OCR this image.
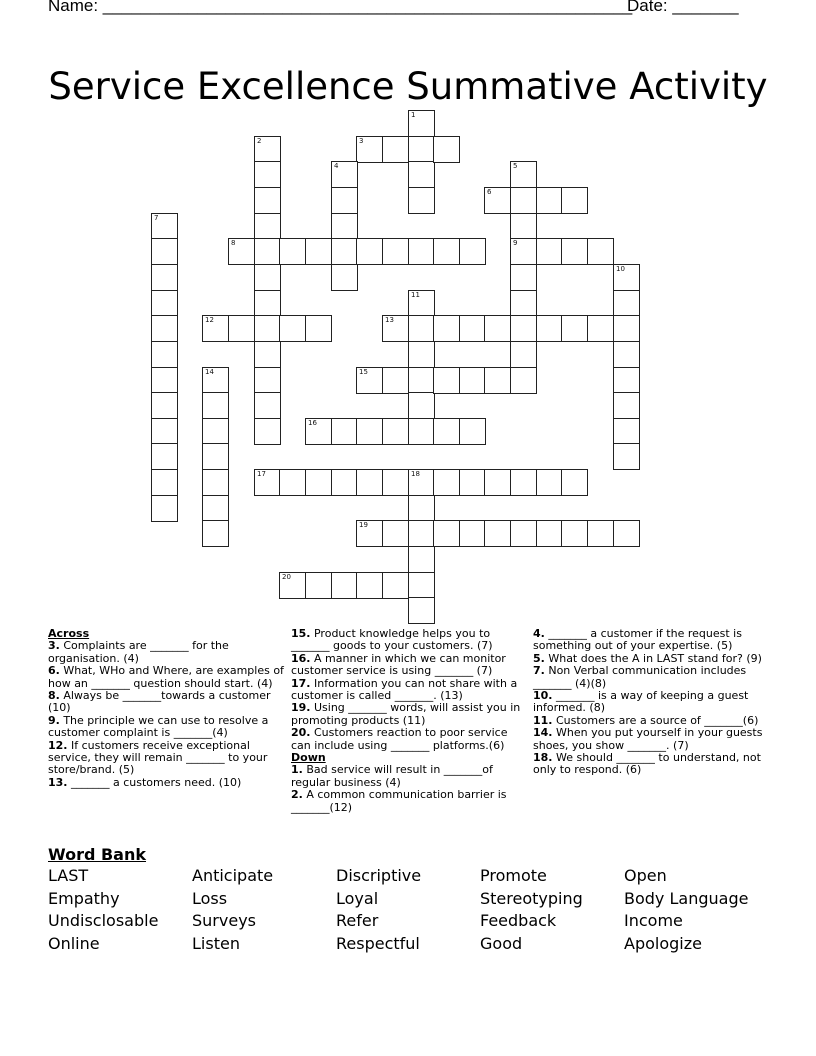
Name: ________________________________________________________
Date: _______
Service Excellence Summative Activity
1
2	3
4	5
9
6
7
8
10
11
12	13
14	15
16
17	18
19
20
Across
3. Complaints are _______ for the organisation. (4)
6. What, WHo and Where, are examples of how an _______ question should start. (4)
8. Always be _______towards a customer (10)
9. The principle we can use to resolve a customer complaint is _______(4)
12. If customers receive exceptional service, they will remain _______ to your store/brand. (5)
13. _______ a customers need. (10)
15. Product knowledge helps you to _______ goods to your customers. (7)
16. A manner in which we can monitor customer service is using _______ (7)
17. Information you can not share with a customer is called _______. (13)
19. Using _______ words, will assist you in promoting products (11)
20. Customers reaction to poor service can include using _______ platforms.(6)
Down
1. Bad service will result in _______of regular business (4)
2. A common communication barrier is _______(12)
4. _______ a customer if the request is something out of your expertise. (5)
5. What does the A in LAST stand for? (9)
7. Non Verbal communication includes _______ (4)(8)
10. _______ is a way of keeping a guest informed. (8)
11. Customers are a source of _______(6)
14. When you put yourself in your guests shoes, you show _______. (7)
18. We should _______ to understand, not only to respond. (6)
Word Bank
LAST	Anticipate	Discriptive	Promote	Open
Empathy	Loss	Loyal	Stereotyping	Body Language
Undisclosable	Surveys	Refer	Feedback	Income
Online	Listen	Respectful	Good	Apologize
